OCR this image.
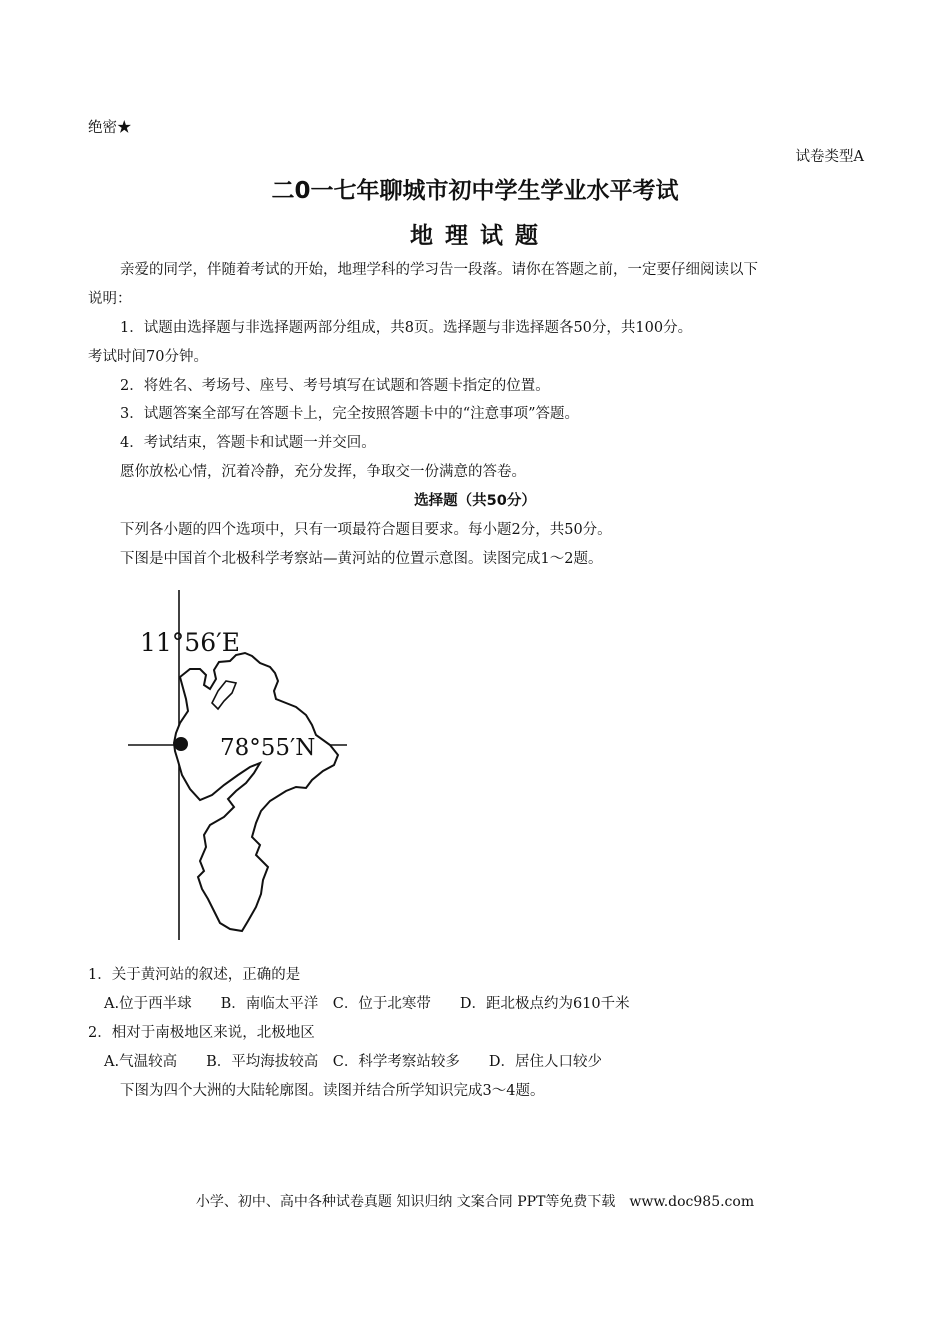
绝密★
试卷类型A
二0一七年聊城市初中学生学业水平考试
地 理 试 题
亲爱的同学，伴随着考试的开始，地理学科的学习告一段落。请你在答题之前，一定要仔细阅读以下
说明：
1．试题由选择题与非选择题两部分组成，共8页。选择题与非选择题各50分，共100分。
考试时间70分钟。
2．将姓名、考场号、座号、考号填写在试题和答题卡指定的位置。
3．试题答案全部写在答题卡上，完全按照答题卡中的“注意事项”答题。
4．考试结束，答题卡和试题一并交回。
愿你放松心情，沉着冷静，充分发挥，争取交一份满意的答卷。
选择题（共50分）
下列各小题的四个选项中，只有一项最符合题目要求。每小题2分，共50分。
下图是中国首个北极科学考察站—黄河站的位置示意图。读图完成1～2题。
11°56′E
78°55′N
1．关于黄河站的叙述，正确的是
A.位于西半球　　B．南临太平洋　C．位于北寒带　　D．距北极点约为610千米
2．相对于南极地区来说，北极地区
A.气温较高　　B．平均海拔较高　C．科学考察站较多　　D．居住人口较少
下图为四个大洲的大陆轮廓图。读图并结合所学知识完成3～4题。
小学、初中、高中各种试卷真题 知识归纳 文案合同 PPT等免费下载　www.doc985.com
